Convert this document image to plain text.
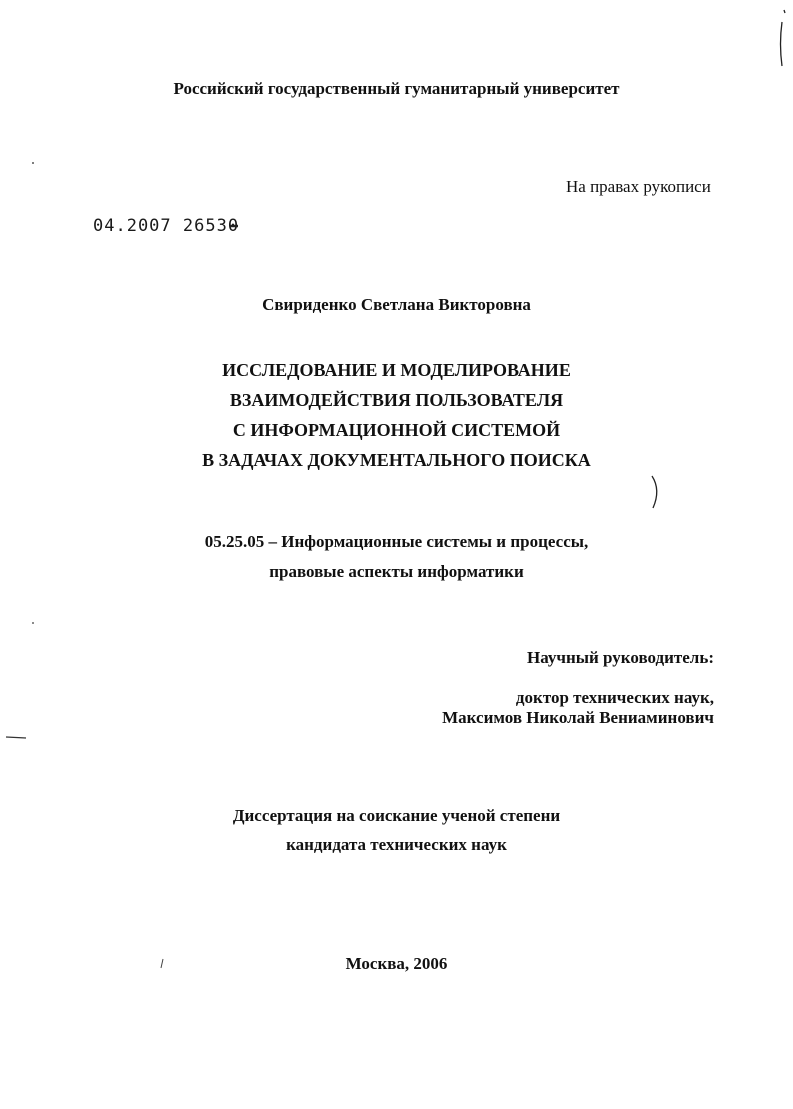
Российский государственный гуманитарный университет

На правах рукописи

04.2007 26530

Свириденко Светлана Викторовна

ИССЛЕДОВАНИЕ И МОДЕЛИРОВАНИЕ
ВЗАИМОДЕЙСТВИЯ ПОЛЬЗОВАТЕЛЯ
С ИНФОРМАЦИОННОЙ СИСТЕМОЙ
В ЗАДАЧАХ ДОКУМЕНТАЛЬНОГО ПОИСКА

05.25.05 – Информационные системы и процессы,

правовые аспекты информатики

Научный руководитель:

доктор технических наук,

Максимов Николай Вениаминович

Диссертация на соискание ученой степени

кандидата технических наук

Москва, 2006
